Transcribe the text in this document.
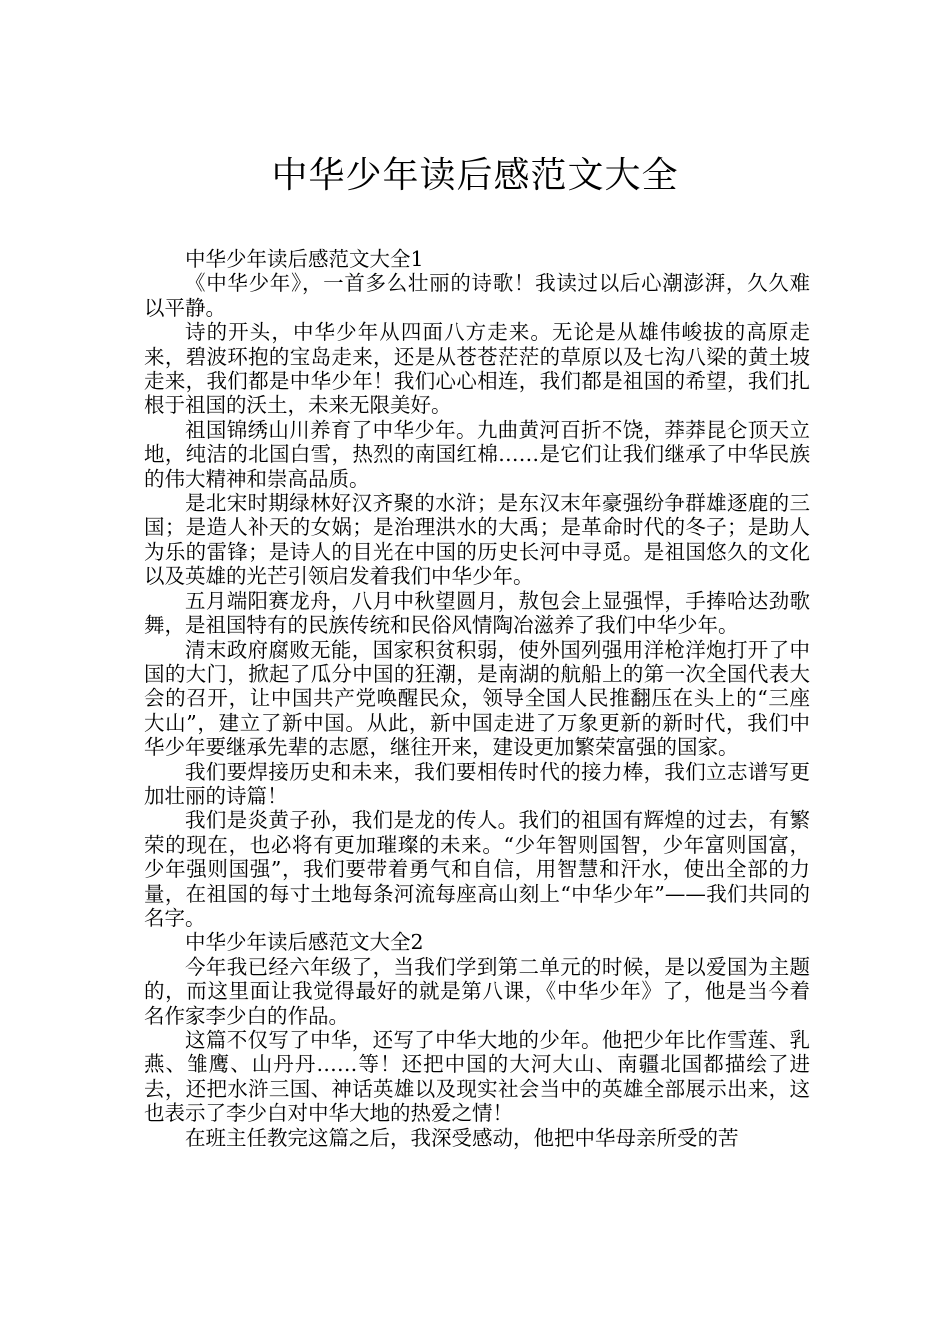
中华少年读后感范文大全

中华少年读后感范文大全1

《中华少年》，一首多么壮丽的诗歌！我读过以后心潮澎湃，久久难以平静。

诗的开头，中华少年从四面八方走来。无论是从雄伟峻拔的高原走来，碧波环抱的宝岛走来，还是从苍苍茫茫的草原以及七沟八梁的黄土坡走来，我们都是中华少年！我们心心相连，我们都是祖国的希望，我们扎根于祖国的沃土，未来无限美好。

祖国锦绣山川养育了中华少年。九曲黄河百折不饶，莽莽昆仑顶天立地，纯洁的北国白雪，热烈的南国红棉……是它们让我们继承了中华民族的伟大精神和崇高品质。

是北宋时期绿林好汉齐聚的水浒；是东汉末年豪强纷争群雄逐鹿的三国；是造人补天的女娲；是治理洪水的大禹；是革命时代的冬子；是助人为乐的雷锋；是诗人的目光在中国的历史长河中寻觅。是祖国悠久的文化以及英雄的光芒引领启发着我们中华少年。

五月端阳赛龙舟，八月中秋望圆月，敖包会上显强悍，手捧哈达劲歌舞，是祖国特有的民族传统和民俗风情陶冶滋养了我们中华少年。

清末政府腐败无能，国家积贫积弱，使外国列强用洋枪洋炮打开了中国的大门，掀起了瓜分中国的狂潮，是南湖的航船上的第一次全国代表大会的召开，让中国共产党唤醒民众，领导全国人民推翻压在头上的“三座大山”，建立了新中国。从此，新中国走进了万象更新的新时代，我们中华少年要继承先辈的志愿，继往开来，建设更加繁荣富强的国家。

我们要焊接历史和未来，我们要相传时代的接力棒，我们立志谱写更加壮丽的诗篇！

我们是炎黄子孙，我们是龙的传人。我们的祖国有辉煌的过去，有繁荣的现在，也必将有更加璀璨的未来。“少年智则国智，少年富则国富，少年强则国强”，我们要带着勇气和自信，用智慧和汗水，使出全部的力量，在祖国的每寸土地每条河流每座高山刻上“中华少年”——我们共同的名字。

中华少年读后感范文大全2

今年我已经六年级了，当我们学到第二单元的时候，是以爱国为主题的，而这里面让我觉得最好的就是第八课，《中华少年》了，他是当今着名作家李少白的作品。

这篇不仅写了中华，还写了中华大地的少年。他把少年比作雪莲、乳燕、雏鹰、山丹丹……等！还把中国的大河大山、南疆北国都描绘了进去，还把水浒三国、神话英雄以及现实社会当中的英雄全部展示出来，这也表示了李少白对中华大地的热爱之情！

在班主任教完这篇之后，我深受感动，他把中华母亲所受的苦
